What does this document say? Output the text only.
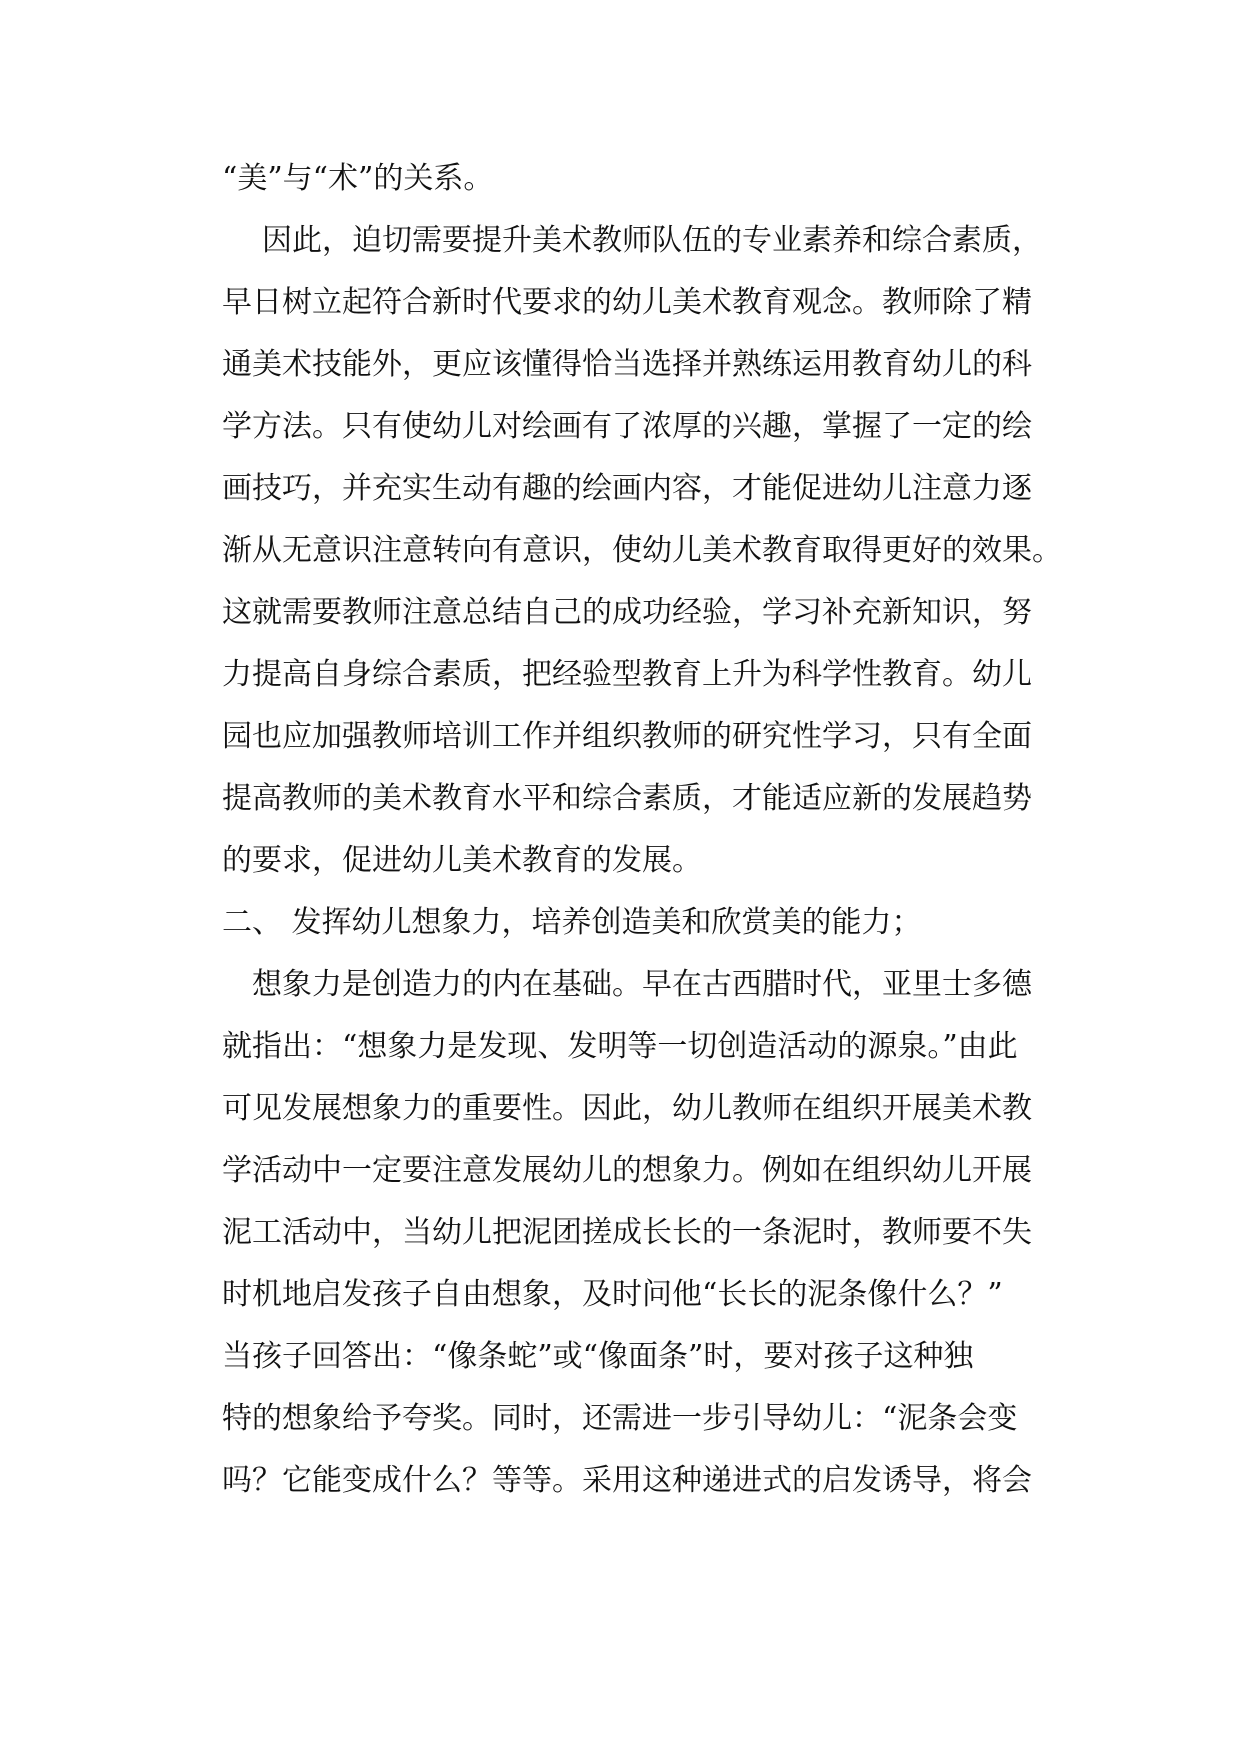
“美”与“术”的关系。
因此，迫切需要提升美术教师队伍的专业素养和综合素质，
早日树立起符合新时代要求的幼儿美术教育观念。教师除了精
通美术技能外，更应该懂得恰当选择并熟练运用教育幼儿的科
学方法。只有使幼儿对绘画有了浓厚的兴趣，掌握了一定的绘
画技巧，并充实生动有趣的绘画内容，才能促进幼儿注意力逐
渐从无意识注意转向有意识，使幼儿美术教育取得更好的效果。
这就需要教师注意总结自己的成功经验，学习补充新知识，努
力提高自身综合素质，把经验型教育上升为科学性教育。幼儿
园也应加强教师培训工作并组织教师的研究性学习，只有全面
提高教师的美术教育水平和综合素质，才能适应新的发展趋势
的要求，促进幼儿美术教育的发展。
二、 发挥幼儿想象力，培养创造美和欣赏美的能力；
想象力是创造力的内在基础。早在古西腊时代，亚里士多德
就指出：“想象力是发现、发明等一切创造活动的源泉。”由此
可见发展想象力的重要性。因此，幼儿教师在组织开展美术教
学活动中一定要注意发展幼儿的想象力。例如在组织幼儿开展
泥工活动中，当幼儿把泥团搓成长长的一条泥时，教师要不失
时机地启发孩子自由想象，及时问他“长长的泥条像什么？”
当孩子回答出：“像条蛇”或“像面条”时，要对孩子这种独
特的想象给予夸奖。同时，还需进一步引导幼儿：“泥条会变
吗？它能变成什么？等等。采用这种递进式的启发诱导，将会
